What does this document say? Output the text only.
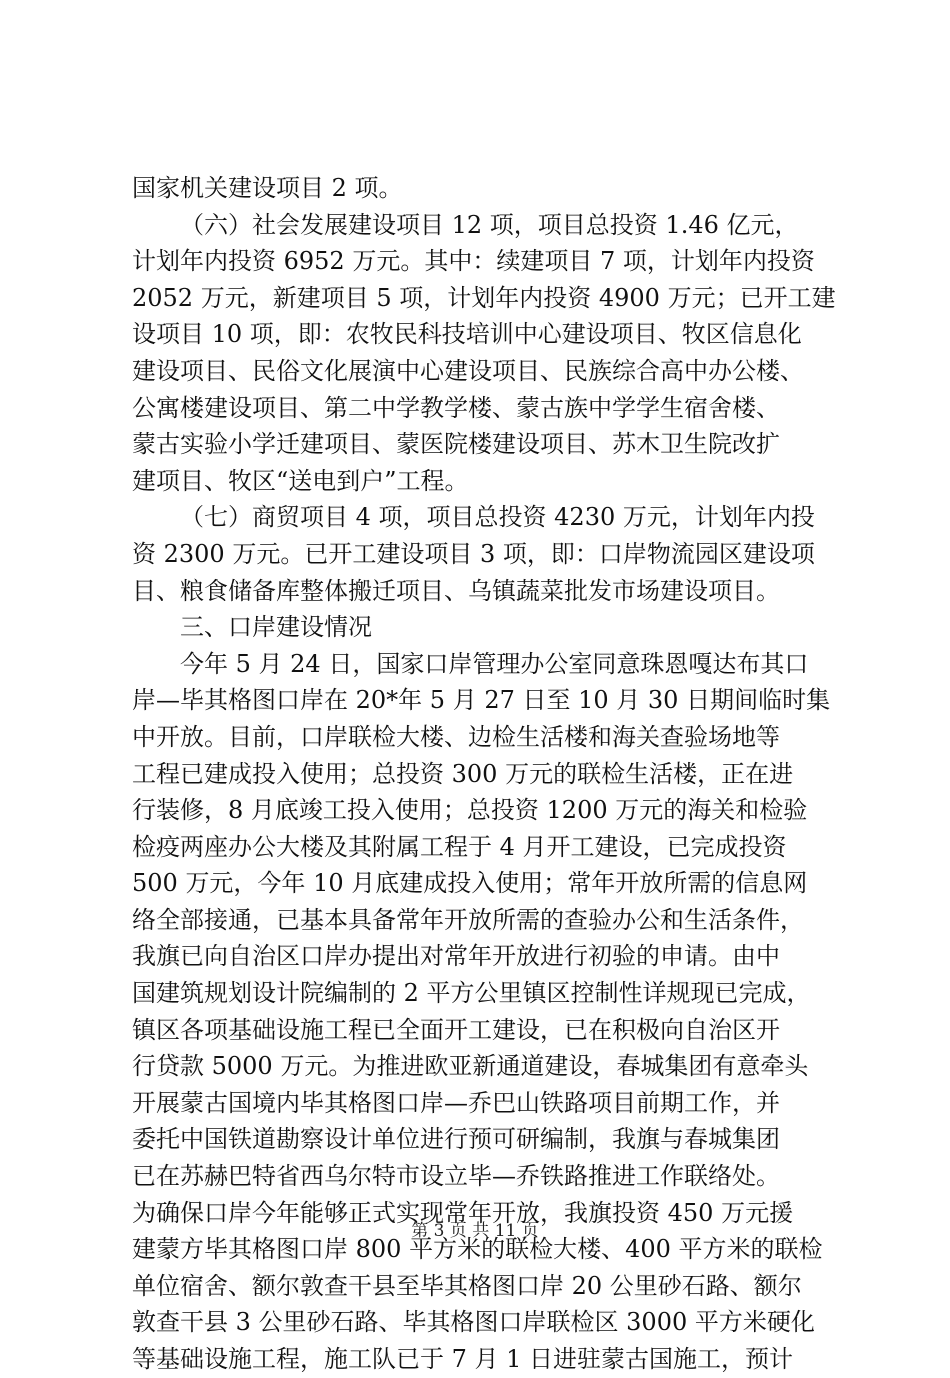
国家机关建设项目 2 项。
（六）社会发展建设项目 12 项，项目总投资 1.46 亿元，
计划年内投资 6952 万元。其中：续建项目 7 项，计划年内投资
2052 万元，新建项目 5 项，计划年内投资 4900 万元；已开工建
设项目 10 项，即：农牧民科技培训中心建设项目、牧区信息化
建设项目、民俗文化展演中心建设项目、民族综合高中办公楼、
公寓楼建设项目、第二中学教学楼、蒙古族中学学生宿舍楼、
蒙古实验小学迁建项目、蒙医院楼建设项目、苏木卫生院改扩
建项目、牧区“送电到户”工程。
（七）商贸项目 4 项，项目总投资 4230 万元，计划年内投
资 2300 万元。已开工建设项目 3 项，即：口岸物流园区建设项
目、粮食储备库整体搬迁项目、乌镇蔬菜批发市场建设项目。
三、口岸建设情况
今年 5 月 24 日，国家口岸管理办公室同意珠恩嘎达布其口
岸—毕其格图口岸在 20*年 5 月 27 日至 10 月 30 日期间临时集
中开放。目前，口岸联检大楼、边检生活楼和海关查验场地等
工程已建成投入使用；总投资 300 万元的联检生活楼，正在进
行装修，8 月底竣工投入使用；总投资 1200 万元的海关和检验
检疫两座办公大楼及其附属工程于 4 月开工建设，已完成投资
500 万元，今年 10 月底建成投入使用；常年开放所需的信息网
络全部接通，已基本具备常年开放所需的查验办公和生活条件，
我旗已向自治区口岸办提出对常年开放进行初验的申请。由中
国建筑规划设计院编制的 2 平方公里镇区控制性详规现已完成，
镇区各项基础设施工程已全面开工建设，已在积极向自治区开
行贷款 5000 万元。为推进欧亚新通道建设，春城集团有意牵头
开展蒙古国境内毕其格图口岸—乔巴山铁路项目前期工作，并
委托中国铁道勘察设计单位进行预可研编制，我旗与春城集团
已在苏赫巴特省西乌尔特市设立毕—乔铁路推进工作联络处。
为确保口岸今年能够正式实现常年开放，我旗投资 450 万元援
建蒙方毕其格图口岸 800 平方米的联检大楼、400 平方米的联检
单位宿舍、额尔敦查干县至毕其格图口岸 20 公里砂石路、额尔
敦查干县 3 公里砂石路、毕其格图口岸联检区 3000 平方米硬化
等基础设施工程，施工队已于 7 月 1 日进驻蒙古国施工，预计
第 3 页 共 11 页
